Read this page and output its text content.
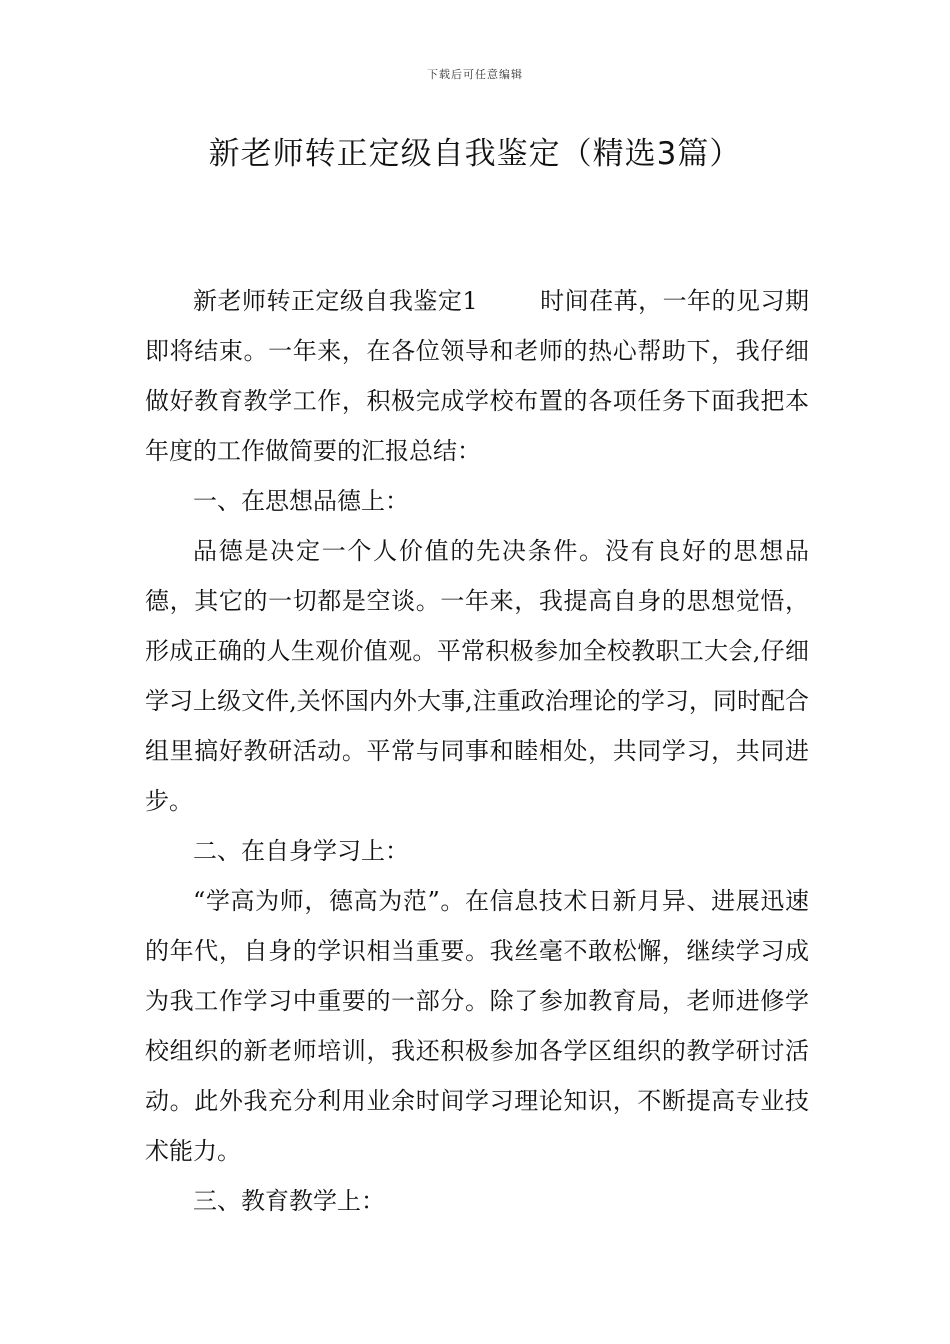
下载后可任意编辑
新老师转正定级自我鉴定（精选3篇）

新老师转正定级自我鉴定1	时间荏苒，一年的见习期即将结束。一年来，在各位领导和老师的热心帮助下，我仔细做好教育教学工作，积极完成学校布置的各项任务下面我把本年度的工作做简要的汇报总结：

一、在思想品德上：

品德是决定一个人价值的先决条件。没有良好的思想品德，其它的一切都是空谈。一年来，我提高自身的思想觉悟，形成正确的人生观价值观。平常积极参加全校教职工大会,仔细学习上级文件,关怀国内外大事,注重政治理论的学习，同时配合组里搞好教研活动。平常与同事和睦相处，共同学习，共同进步。

二、在自身学习上：

“学高为师，德高为范”。在信息技术日新月异、进展迅速的年代，自身的学识相当重要。我丝毫不敢松懈，继续学习成为我工作学习中重要的一部分。除了参加教育局，老师进修学校组织的新老师培训，我还积极参加各学区组织的教学研讨活动。此外我充分利用业余时间学习理论知识，不断提高专业技术能力。

三、教育教学上：
